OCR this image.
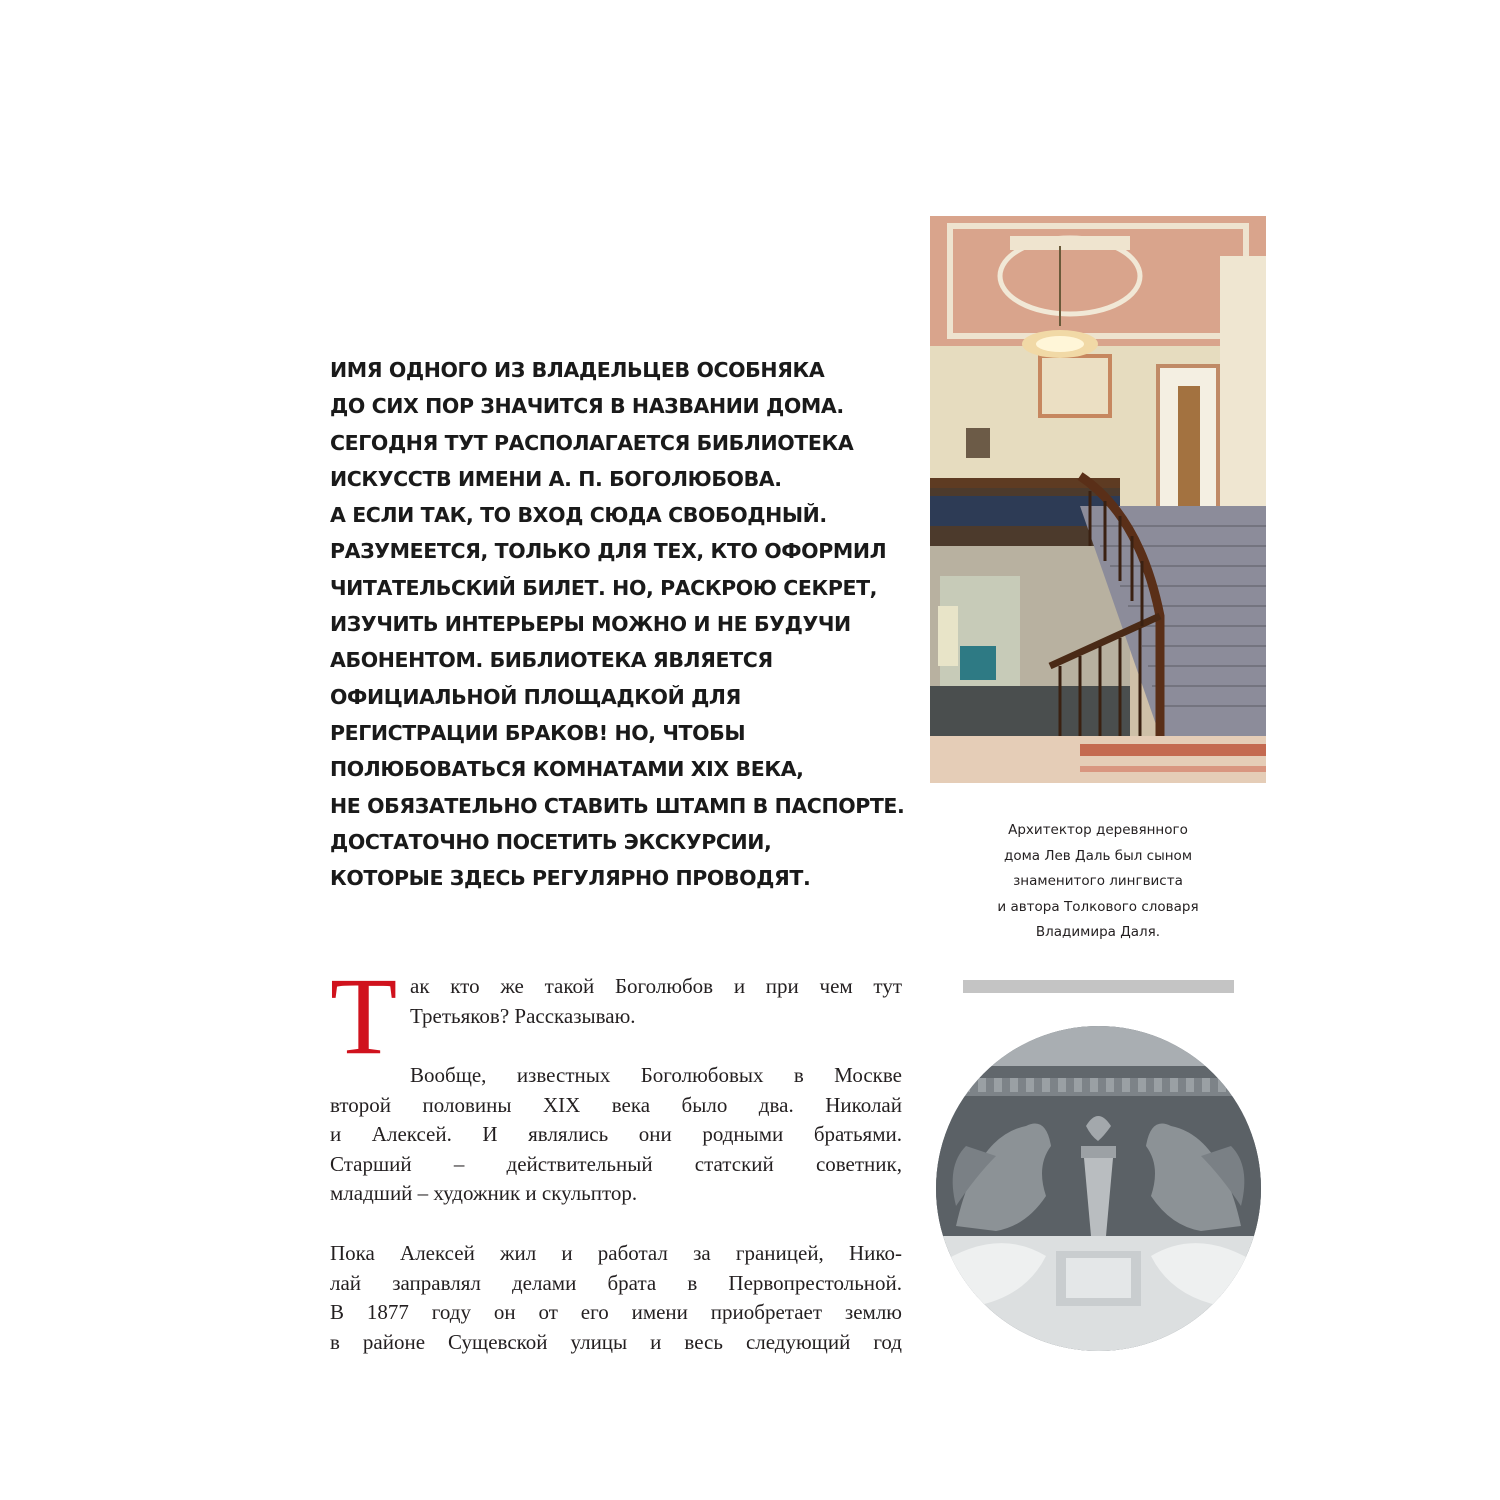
ИМЯ ОДНОГО ИЗ ВЛАДЕЛЬЦЕВ ОСОБНЯКА
ДО СИХ ПОР ЗНАЧИТСЯ В НАЗВАНИИ ДОМА.
СЕГОДНЯ ТУТ РАСПОЛАГАЕТСЯ БИБЛИОТЕКА
ИСКУССТВ ИМЕНИ А. П. БОГОЛЮБОВА.
А ЕСЛИ ТАК, ТО ВХОД СЮДА СВОБОДНЫЙ.
РАЗУМЕЕТСЯ, ТОЛЬКО ДЛЯ ТЕХ, КТО ОФОРМИЛ
ЧИТАТЕЛЬСКИЙ БИЛЕТ. НО, РАСКРОЮ СЕКРЕТ,
ИЗУЧИТЬ ИНТЕРЬЕРЫ МОЖНО И НЕ БУДУЧИ
АБОНЕНТОМ. БИБЛИОТЕКА ЯВЛЯЕТСЯ
ОФИЦИАЛЬНОЙ ПЛОЩАДКОЙ ДЛЯ
РЕГИСТРАЦИИ БРАКОВ! НО, ЧТОБЫ
ПОЛЮБОВАТЬСЯ КОМНАТАМИ XIX ВЕКА,
НЕ ОБЯЗАТЕЛЬНО СТАВИТЬ ШТАМП В ПАСПОРТЕ.
ДОСТАТОЧНО ПОСЕТИТЬ ЭКСКУРСИИ,
КОТОРЫЕ ЗДЕСЬ РЕГУЛЯРНО ПРОВОДЯТ.
Архитектор деревянного
дома Лев Даль был сыном
знаменитого лингвиста
и автора Толкового словаря
Владимира Даля.
Т ак кто же такой Боголюбов и при чем тут
Третьяков? Рассказываю.
Вообще, известных Боголюбовых в Москве
второй половины XIX века было два. Николай
и Алексей. И являлись они родными братьями.
Старший – действительный статский советник,
младший – художник и скульптор.
Пока Алексей жил и работал за границей, Нико-
лай заправлял делами брата в Первопрестольной.
В 1877 году он от его имени приобретает землю
в районе Сущевской улицы и весь следующий год
